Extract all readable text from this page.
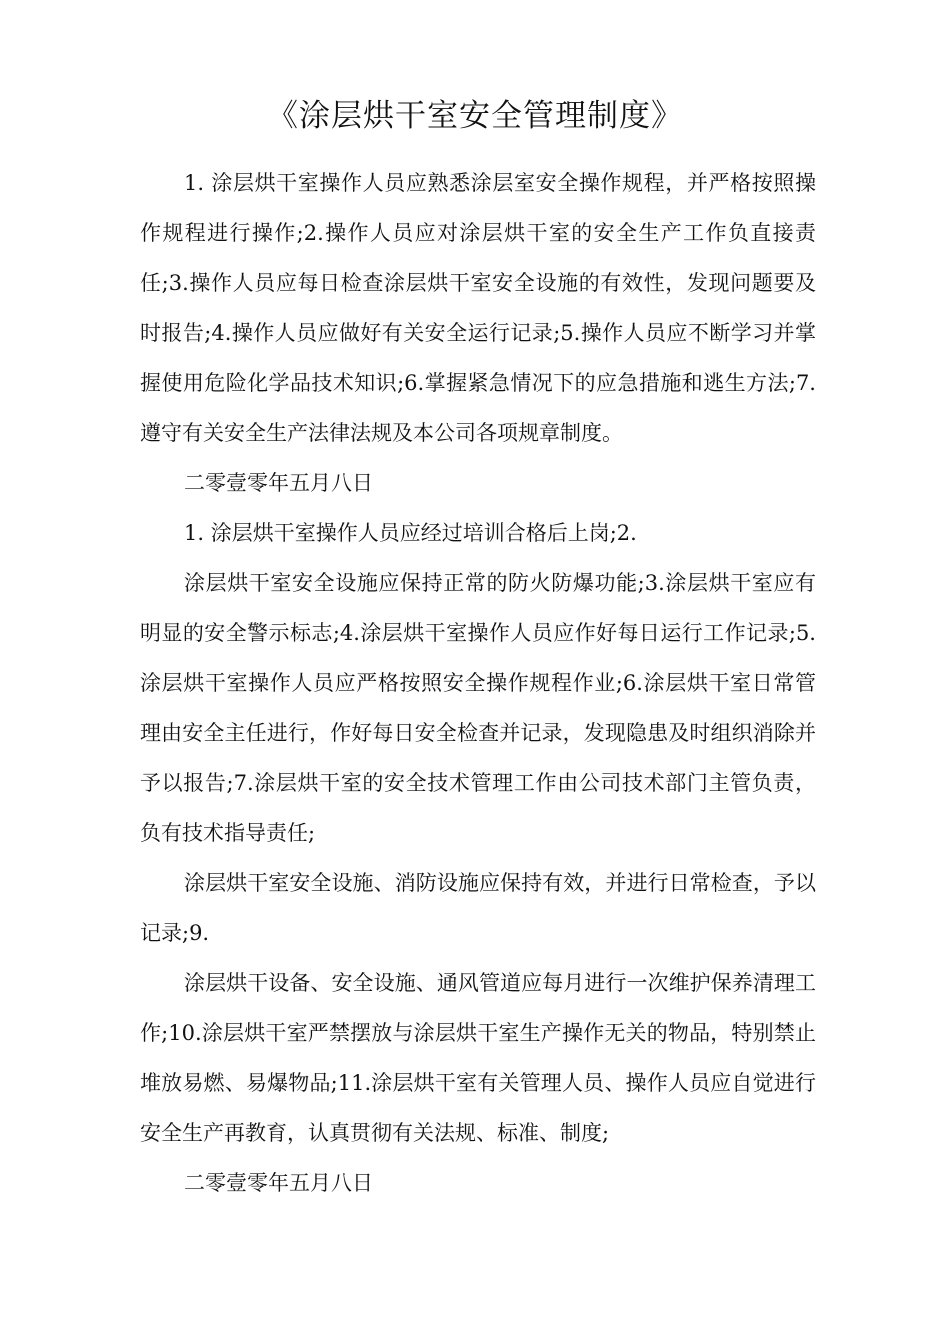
《涂层烘干室安全管理制度》

1. 涂层烘干室操作人员应熟悉涂层室安全操作规程，并严格按照操作规程进行操作;2.操作人员应对涂层烘干室的安全生产工作负直接责任;3.操作人员应每日检查涂层烘干室安全设施的有效性，发现问题要及时报告;4.操作人员应做好有关安全运行记录;5.操作人员应不断学习并掌握使用危险化学品技术知识;6.掌握紧急情况下的应急措施和逃生方法;7.遵守有关安全生产法律法规及本公司各项规章制度。

二零壹零年五月八日

1. 涂层烘干室操作人员应经过培训合格后上岗;2.

涂层烘干室安全设施应保持正常的防火防爆功能;3.涂层烘干室应有明显的安全警示标志;4.涂层烘干室操作人员应作好每日运行工作记录;5.涂层烘干室操作人员应严格按照安全操作规程作业;6.涂层烘干室日常管理由安全主任进行，作好每日安全检查并记录，发现隐患及时组织消除并予以报告;7.涂层烘干室的安全技术管理工作由公司技术部门主管负责，负有技术指导责任;

涂层烘干室安全设施、消防设施应保持有效，并进行日常检查，予以记录;9.

涂层烘干设备、安全设施、通风管道应每月进行一次维护保养清理工作;10.涂层烘干室严禁摆放与涂层烘干室生产操作无关的物品，特别禁止堆放易燃、易爆物品;11.涂层烘干室有关管理人员、操作人员应自觉进行安全生产再教育，认真贯彻有关法规、标准、制度;

二零壹零年五月八日
